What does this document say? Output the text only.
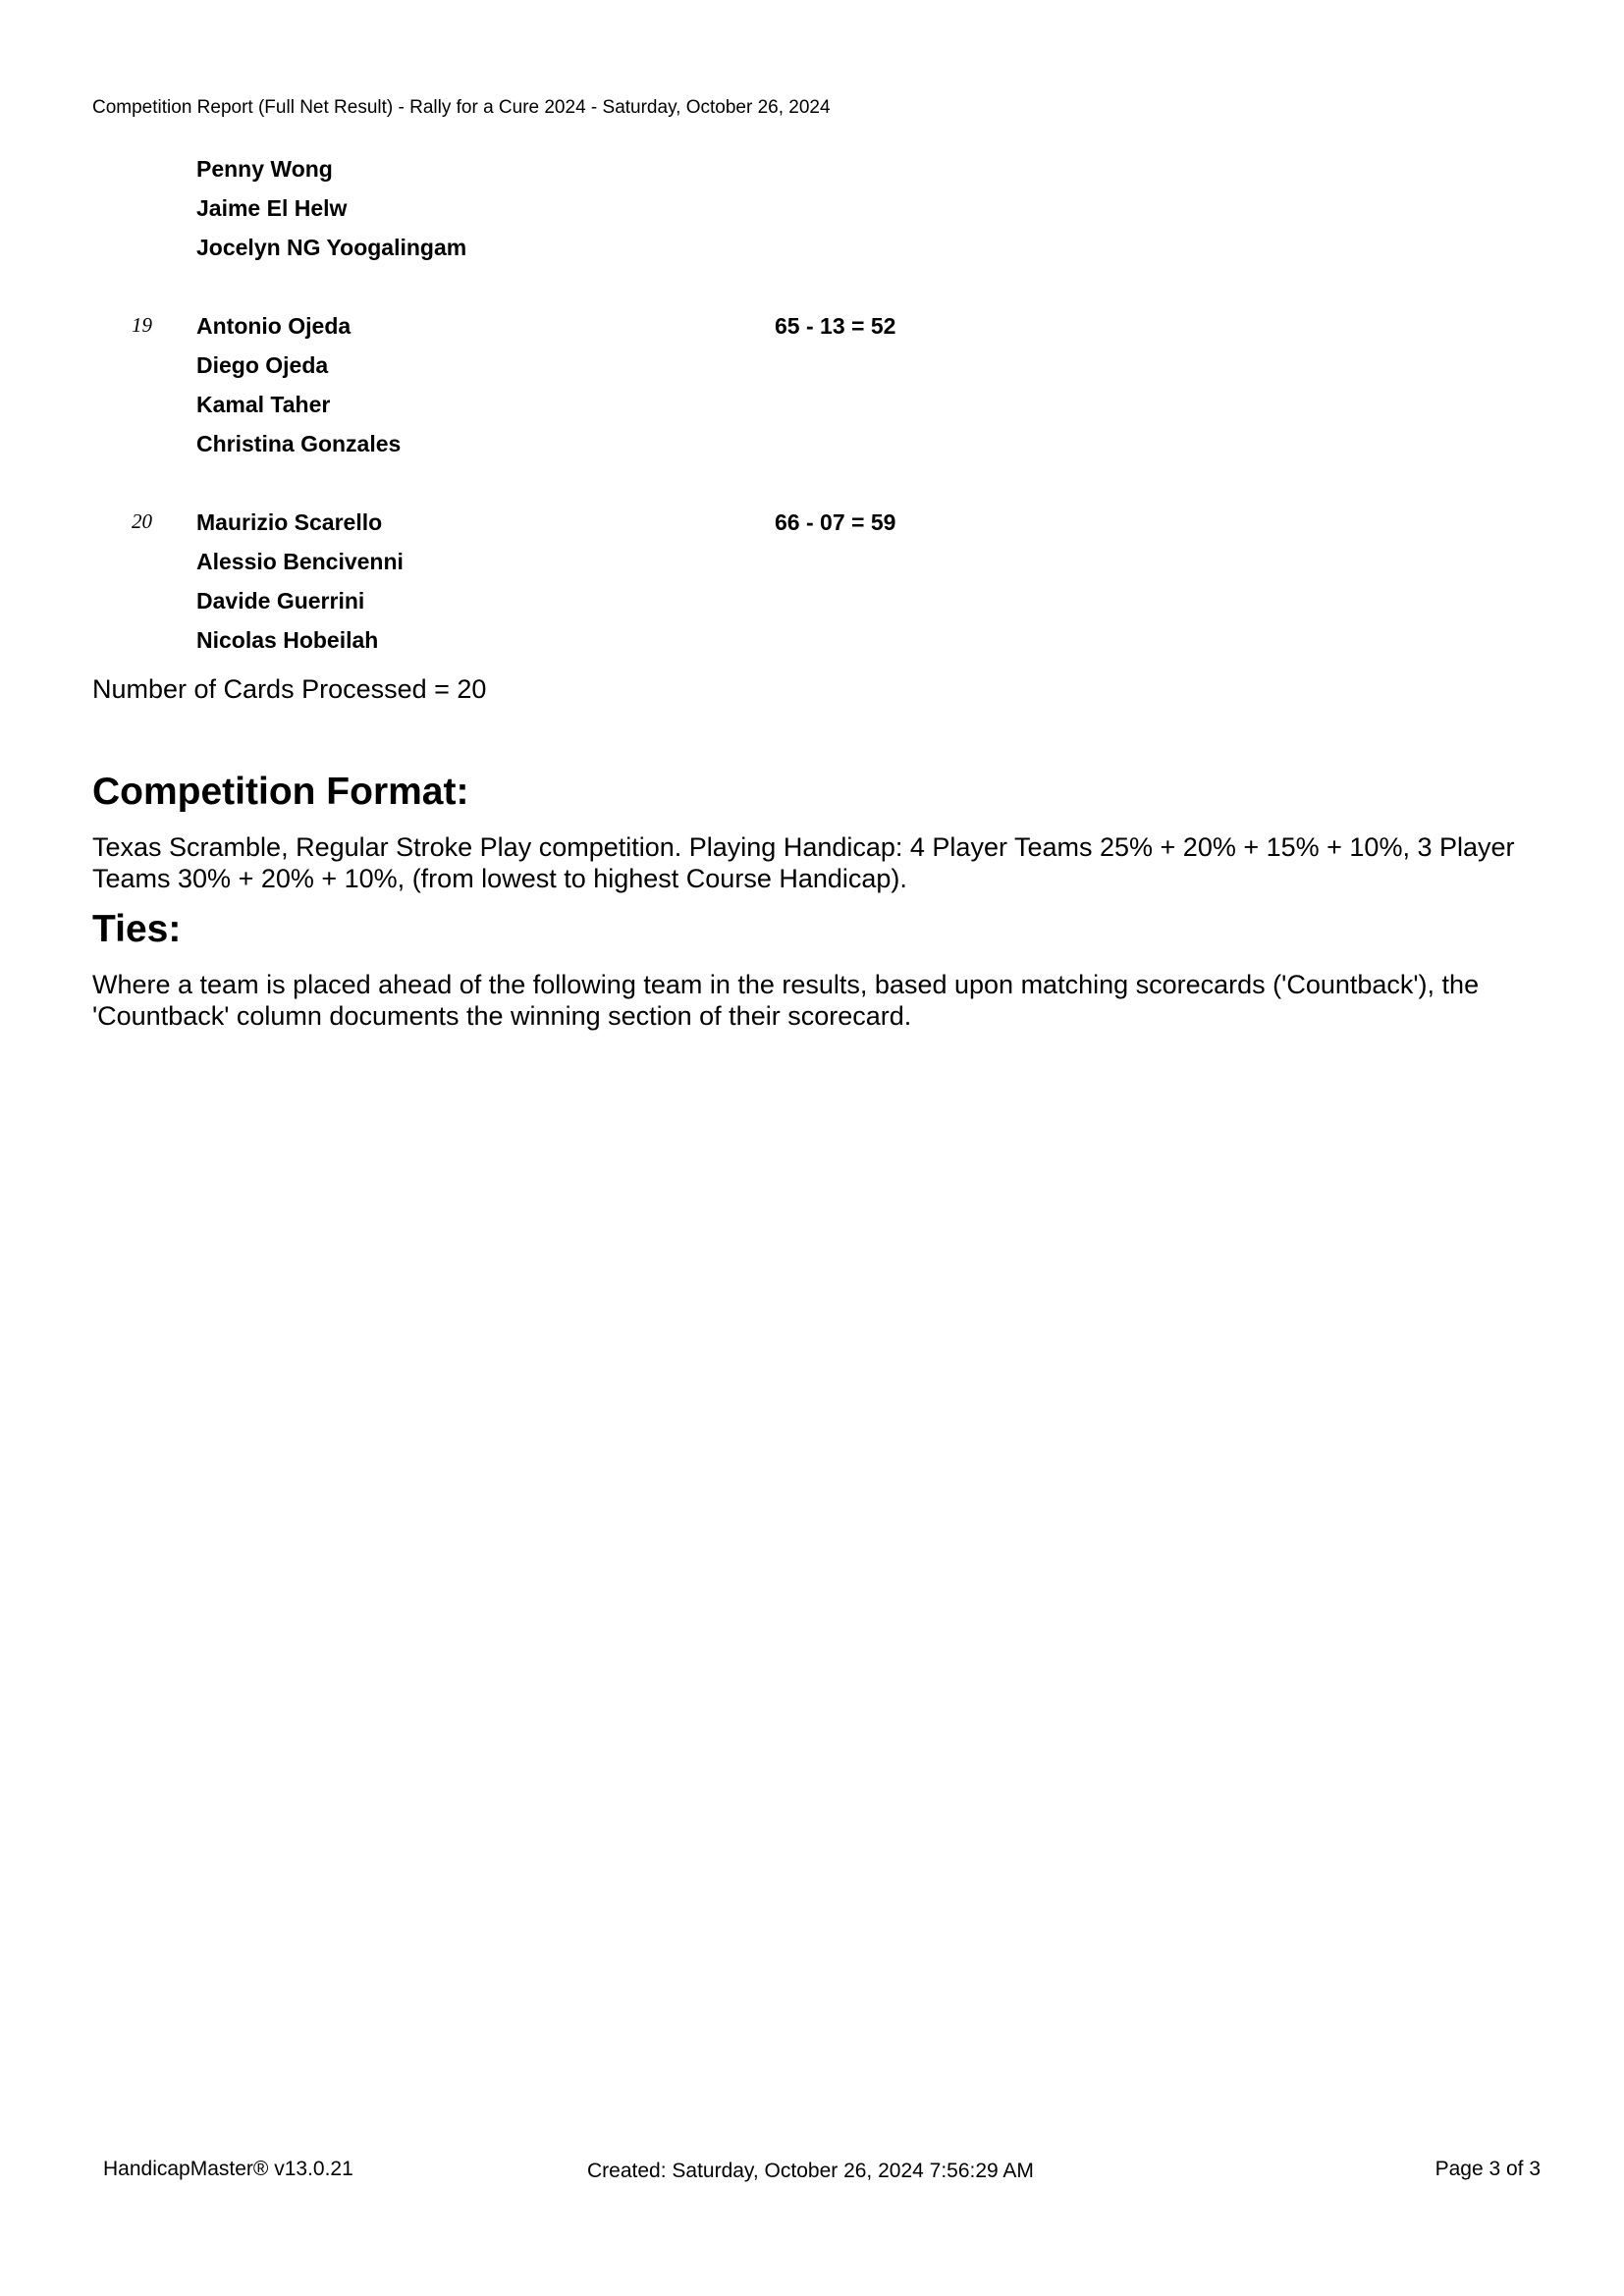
Competition Report (Full Net Result) - Rally for a Cure 2024 - Saturday, October 26, 2024
Penny Wong
Jaime El Helw
Jocelyn NG Yoogalingam
19 Antonio Ojeda	65 - 13 = 52
Diego Ojeda
Kamal Taher
Christina Gonzales
20 Maurizio Scarello	66 - 07 = 59
Alessio Bencivenni
Davide Guerrini
Nicolas Hobeilah
Number of Cards Processed = 20
Competition Format:

Texas Scramble, Regular Stroke Play competition. Playing Handicap: 4 Player Teams 25% + 20% + 15% + 10%, 3 Player Teams 30% + 20% + 10%, (from lowest to highest Course Handicap).

Ties:

Where a team is placed ahead of the following team in the results, based upon matching scorecards ('Countback'), the 'Countback' column documents the winning section of their scorecard.

HandicapMaster® v13.0.21	Created: Saturday, October 26, 2024 7:56:29 AM	Page 3 of 3
